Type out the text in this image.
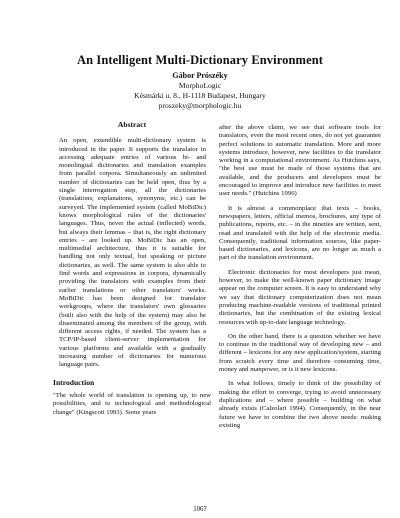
An Intelligent Multi-Dictionary Environment
Gábor Prószéky
MorphoLogic
Késmárki u. 8., H-1118 Budapest, Hungary
proszeky@morphologic.hu
Abstract

An open, extendible multi-dictionary system is introduced in the paper. It supports the translator in accessing adequate entries of various bi- and monolingual dictionaries and translation examples from parallel corpora. Simultaneously an unlimited number of dictionaries can be held open, thus by a single interrogation step, all the dictionaries (translations, explanations, synonyms, etc.) can be surveyed. The implemented system (called MoBiDic) knows morphological rules of the dictionaries' languages. Thus, never the actual (inflected) words, but always their lemmas – that is, the right dictionary entries – are looked up. MoBiDic has an open, multimedial architecture, thus it is suitable for handling not only textual, but speaking or picture dictionaries, as well. The same system is also able to find words and expressions in corpora, dynamically providing the translators with examples from their earlier translations or other translators' works. MoBiDic has been designed for translator workgroups, where the translators' own glossaries (built also with the help of the system) may also be disseminated among the members of the group, with different access rights, if needed. The system has a TCP/IP-based client-server implementation for various platforms and available with a gradually increasing number of dictionaries for numerous language pairs.

Introduction

"The whole world of translation is opening up, to new possibilities, and to technological and methodological change" (Kingscott 1993). Some years

after the above claim, we see that software tools for translators, even the most recent ones, do not yet guarantee perfect solutions to automatic translation. More and more systems introduce, however, new facilities to the translator working in a computational environment. As Hutchins says, "the best use must be made of those systems that are available, and the producers and developers must be encouraged to improve and introduce new facilities to meet user needs." (Hutchins 1996)

It is almost a commonplace that texts – books, newspapers, letters, official memos, brochures, any type of publications, reports, etc. – in the nineties are written, sent, read and translated with the help of the electronic media. Consequently, traditional information sources, like paper-based dictionaries, and lexicons, are no longer as much a part of the translation environment.

Electronic dictionaries for most developers just mean, however, to make the well-known paper dictionary image appear on the computer screen. It is easy to understand why we say that dictionary computerization does not mean producing machine-readable versions of traditional printed dictionaries, but the combination of the existing lexical resources with up-to-date language technology.

On the other hand, there is a question whether we have to continue in the traditional way of developing new – and different – lexicons for any new application/system, starting from scratch every time and therefore consuming time, money and manpower, or is it new lexicons.

In what follows, timely to think of the possibility of making the effort to converge, trying to avoid unnecessary duplications and – where possible – building on what already exists (Calzolari 1994). Consequently, in the near future we have to combine the two above needs: making existing

1067
